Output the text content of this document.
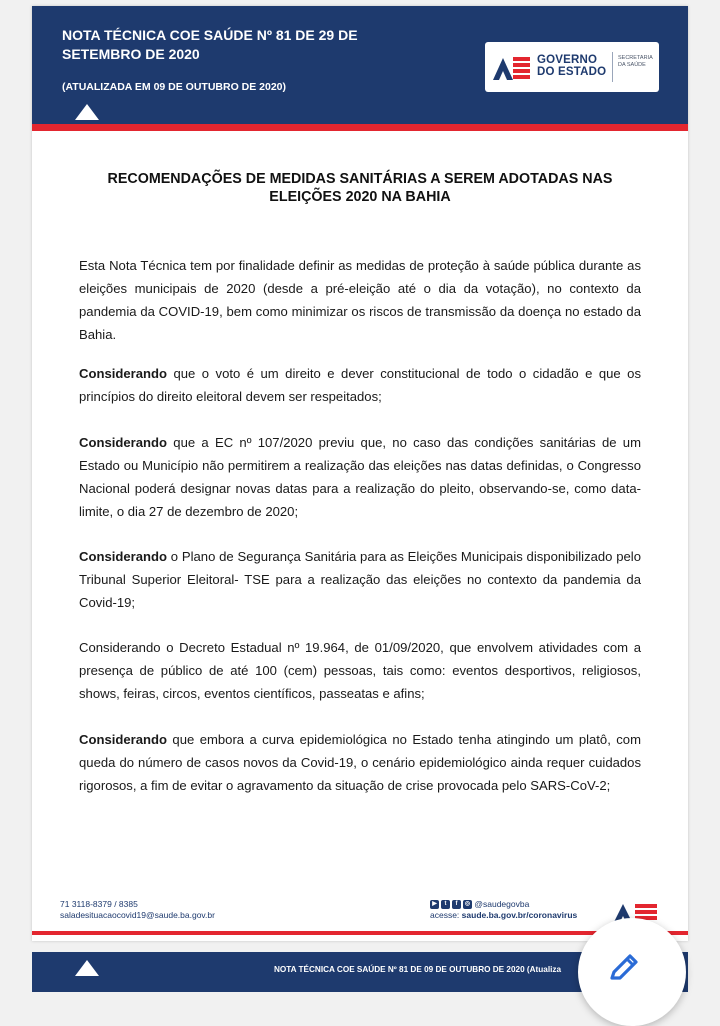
NOTA TÉCNICA COE SAÚDE Nº 81 DE 29 DE
SETEMBRO DE 2020
(ATUALIZADA EM 09 DE OUTUBRO DE 2020)
GOVERNO
DO ESTADO
SECRETARIA
DA SAÚDE
RECOMENDAÇÕES DE MEDIDAS SANITÁRIAS A SEREM ADOTADAS NAS ELEIÇÕES 2020 NA BAHIA

Esta Nota Técnica tem por finalidade definir as medidas de proteção à saúde pública durante as eleições municipais de 2020 (desde a pré-eleição até o dia da votação), no contexto da pandemia da COVID-19, bem como minimizar os riscos de transmissão da doença no estado da Bahia.

Considerando que o voto é um direito e dever constitucional de todo o cidadão e que os princípios do direito eleitoral devem ser respeitados;

Considerando que a EC nº 107/2020 previu que, no caso das condições sanitárias de um Estado ou Município não permitirem a realização das eleições nas datas definidas, o Congresso Nacional poderá designar novas datas para a realização do pleito, observando-se, como data-limite, o dia 27 de dezembro de 2020;

Considerando o Plano de Segurança Sanitária para as Eleições Municipais disponibilizado pelo Tribunal Superior Eleitoral- TSE para a realização das eleições no contexto da pandemia da Covid-19;

Considerando o Decreto Estadual nº 19.964, de 01/09/2020, que envolvem atividades com a presença de público de até 100 (cem) pessoas, tais como: eventos desportivos, religiosos, shows, feiras, circos, eventos científicos, passeatas e afins;

Considerando que embora a curva epidemiológica no Estado tenha atingindo um platô, com queda do número de casos novos da Covid-19, o cenário epidemiológico ainda requer cuidados rigorosos, a fim de evitar o agravamento da situação de crise provocada pelo SARS-CoV-2;

71 3118-8379 / 8385
saladesituacaocovid19@saude.ba.gov.br
▶	t	f	◎ @saudegovba
acesse: saude.ba.gov.br/coronavirus
NOTA TÉCNICA COE SAÚDE Nº 81 DE 09 DE OUTUBRO DE 2020 (Atualiza
